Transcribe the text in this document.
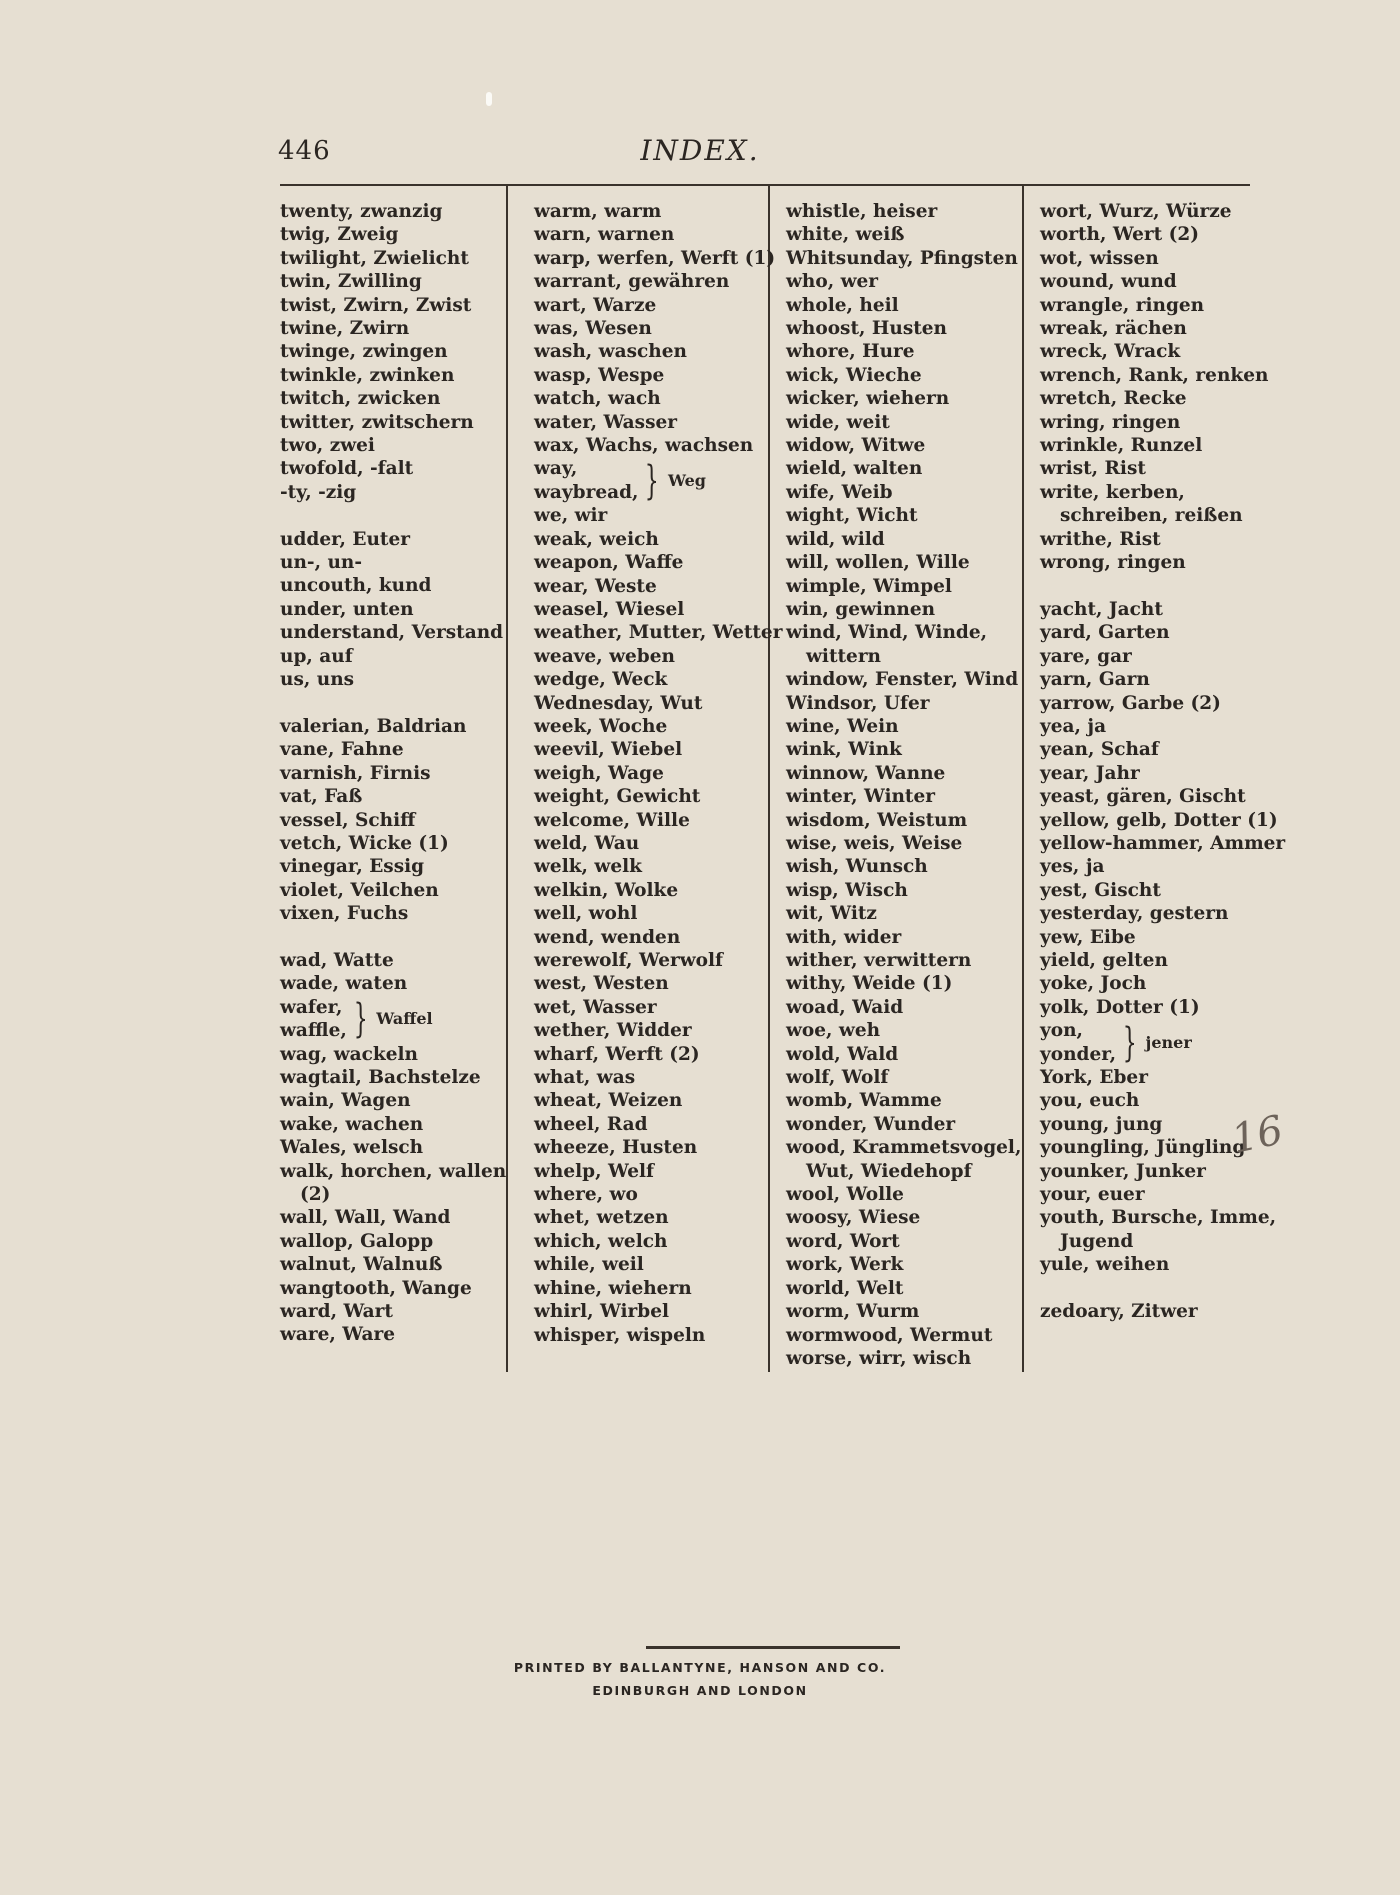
446	INDEX.
twenty, zwanzig
twig, Zweig
twilight, Zwielicht
twin, Zwilling
twist, Zwirn, Zwist
twine, Zwirn
twinge, zwingen
twinkle, zwinken
twitch, zwicken
twitter, zwitschern
two, zwei
twofold, -falt
-ty, -zig
udder, Euter
un-, un-
uncouth, kund
under, unten
understand, Verstand
up, auf
us, uns
valerian, Baldrian
vane, Fahne
varnish, Firnis
vat, Faß
vessel, Schiff
vetch, Wicke (1)
vinegar, Essig
violet, Veilchen
vixen, Fuchs
wad, Watte
wade, waten
wafer,
waffle, } Waffel
wag, wackeln
wagtail, Bachstelze
wain, Wagen
wake, wachen
Wales, welsch
walk, horchen, wallen (2)
wall, Wall, Wand
wallop, Galopp
walnut, Walnuß
wangtooth, Wange
ward, Wart
ware, Ware
warm, warm
warn, warnen
warp, werfen, Werft (1)
warrant, gewähren
wart, Warze
was, Wesen
wash, waschen
wasp, Wespe
watch, wach
water, Wasser
wax, Wachs, wachsen
way,
waybread, } Weg
we, wir
weak, weich
weapon, Waffe
wear, Weste
weasel, Wiesel
weather, Mutter, Wetter
weave, weben
wedge, Weck
Wednesday, Wut
week, Woche
weevil, Wiebel
weigh, Wage
weight, Gewicht
welcome, Wille
weld, Wau
welk, welk
welkin, Wolke
well, wohl
wend, wenden
werewolf, Werwolf
west, Westen
wet, Wasser
wether, Widder
wharf, Werft (2)
what, was
wheat, Weizen
wheel, Rad
wheeze, Husten
whelp, Welf
where, wo
whet, wetzen
which, welch
while, weil
whine, wiehern
whirl, Wirbel
whisper, wispeln
whistle, heiser
white, weiß
Whitsunday, Pfingsten
who, wer
whole, heil
whoost, Husten
whore, Hure
wick, Wieche
wicker, wiehern
wide, weit
widow, Witwe
wield, walten
wife, Weib
wight, Wicht
wild, wild
will, wollen, Wille
wimple, Wimpel
win, gewinnen
wind, Wind, Winde, wittern
window, Fenster, Wind
Windsor, Ufer
wine, Wein
wink, Wink
winnow, Wanne
winter, Winter
wisdom, Weistum
wise, weis, Weise
wish, Wunsch
wisp, Wisch
wit, Witz
with, wider
wither, verwittern
withy, Weide (1)
woad, Waid
woe, weh
wold, Wald
wolf, Wolf
womb, Wamme
wonder, Wunder
wood, Krammetsvogel, Wut, Wiedehopf
wool, Wolle
woosy, Wiese
word, Wort
work, Werk
world, Welt
worm, Wurm
wormwood, Wermut
worse, wirr, wisch
wort, Wurz, Würze
worth, Wert (2)
wot, wissen
wound, wund
wrangle, ringen
wreak, rächen
wreck, Wrack
wrench, Rank, renken
wretch, Recke
wring, ringen
wrinkle, Runzel
wrist, Rist
write, kerben, schreiben, reißen
writhe, Rist
wrong, ringen
yacht, Jacht
yard, Garten
yare, gar
yarn, Garn
yarrow, Garbe (2)
yea, ja
yean, Schaf
year, Jahr
yeast, gären, Gischt
yellow, gelb, Dotter (1)
yellow-hammer, Ammer
yes, ja
yest, Gischt
yesterday, gestern
yew, Eibe
yield, gelten
yoke, Joch
yolk, Dotter (1)
yon,
yonder, } jener
York, Eber
you, euch
young, jung
youngling, Jüngling
younker, Junker
your, euer
youth, Bursche, Imme, Jugend
yule, weihen
zedoary, Zitwer
16
PRINTED BY BALLANTYNE, HANSON AND CO.
EDINBURGH AND LONDON
